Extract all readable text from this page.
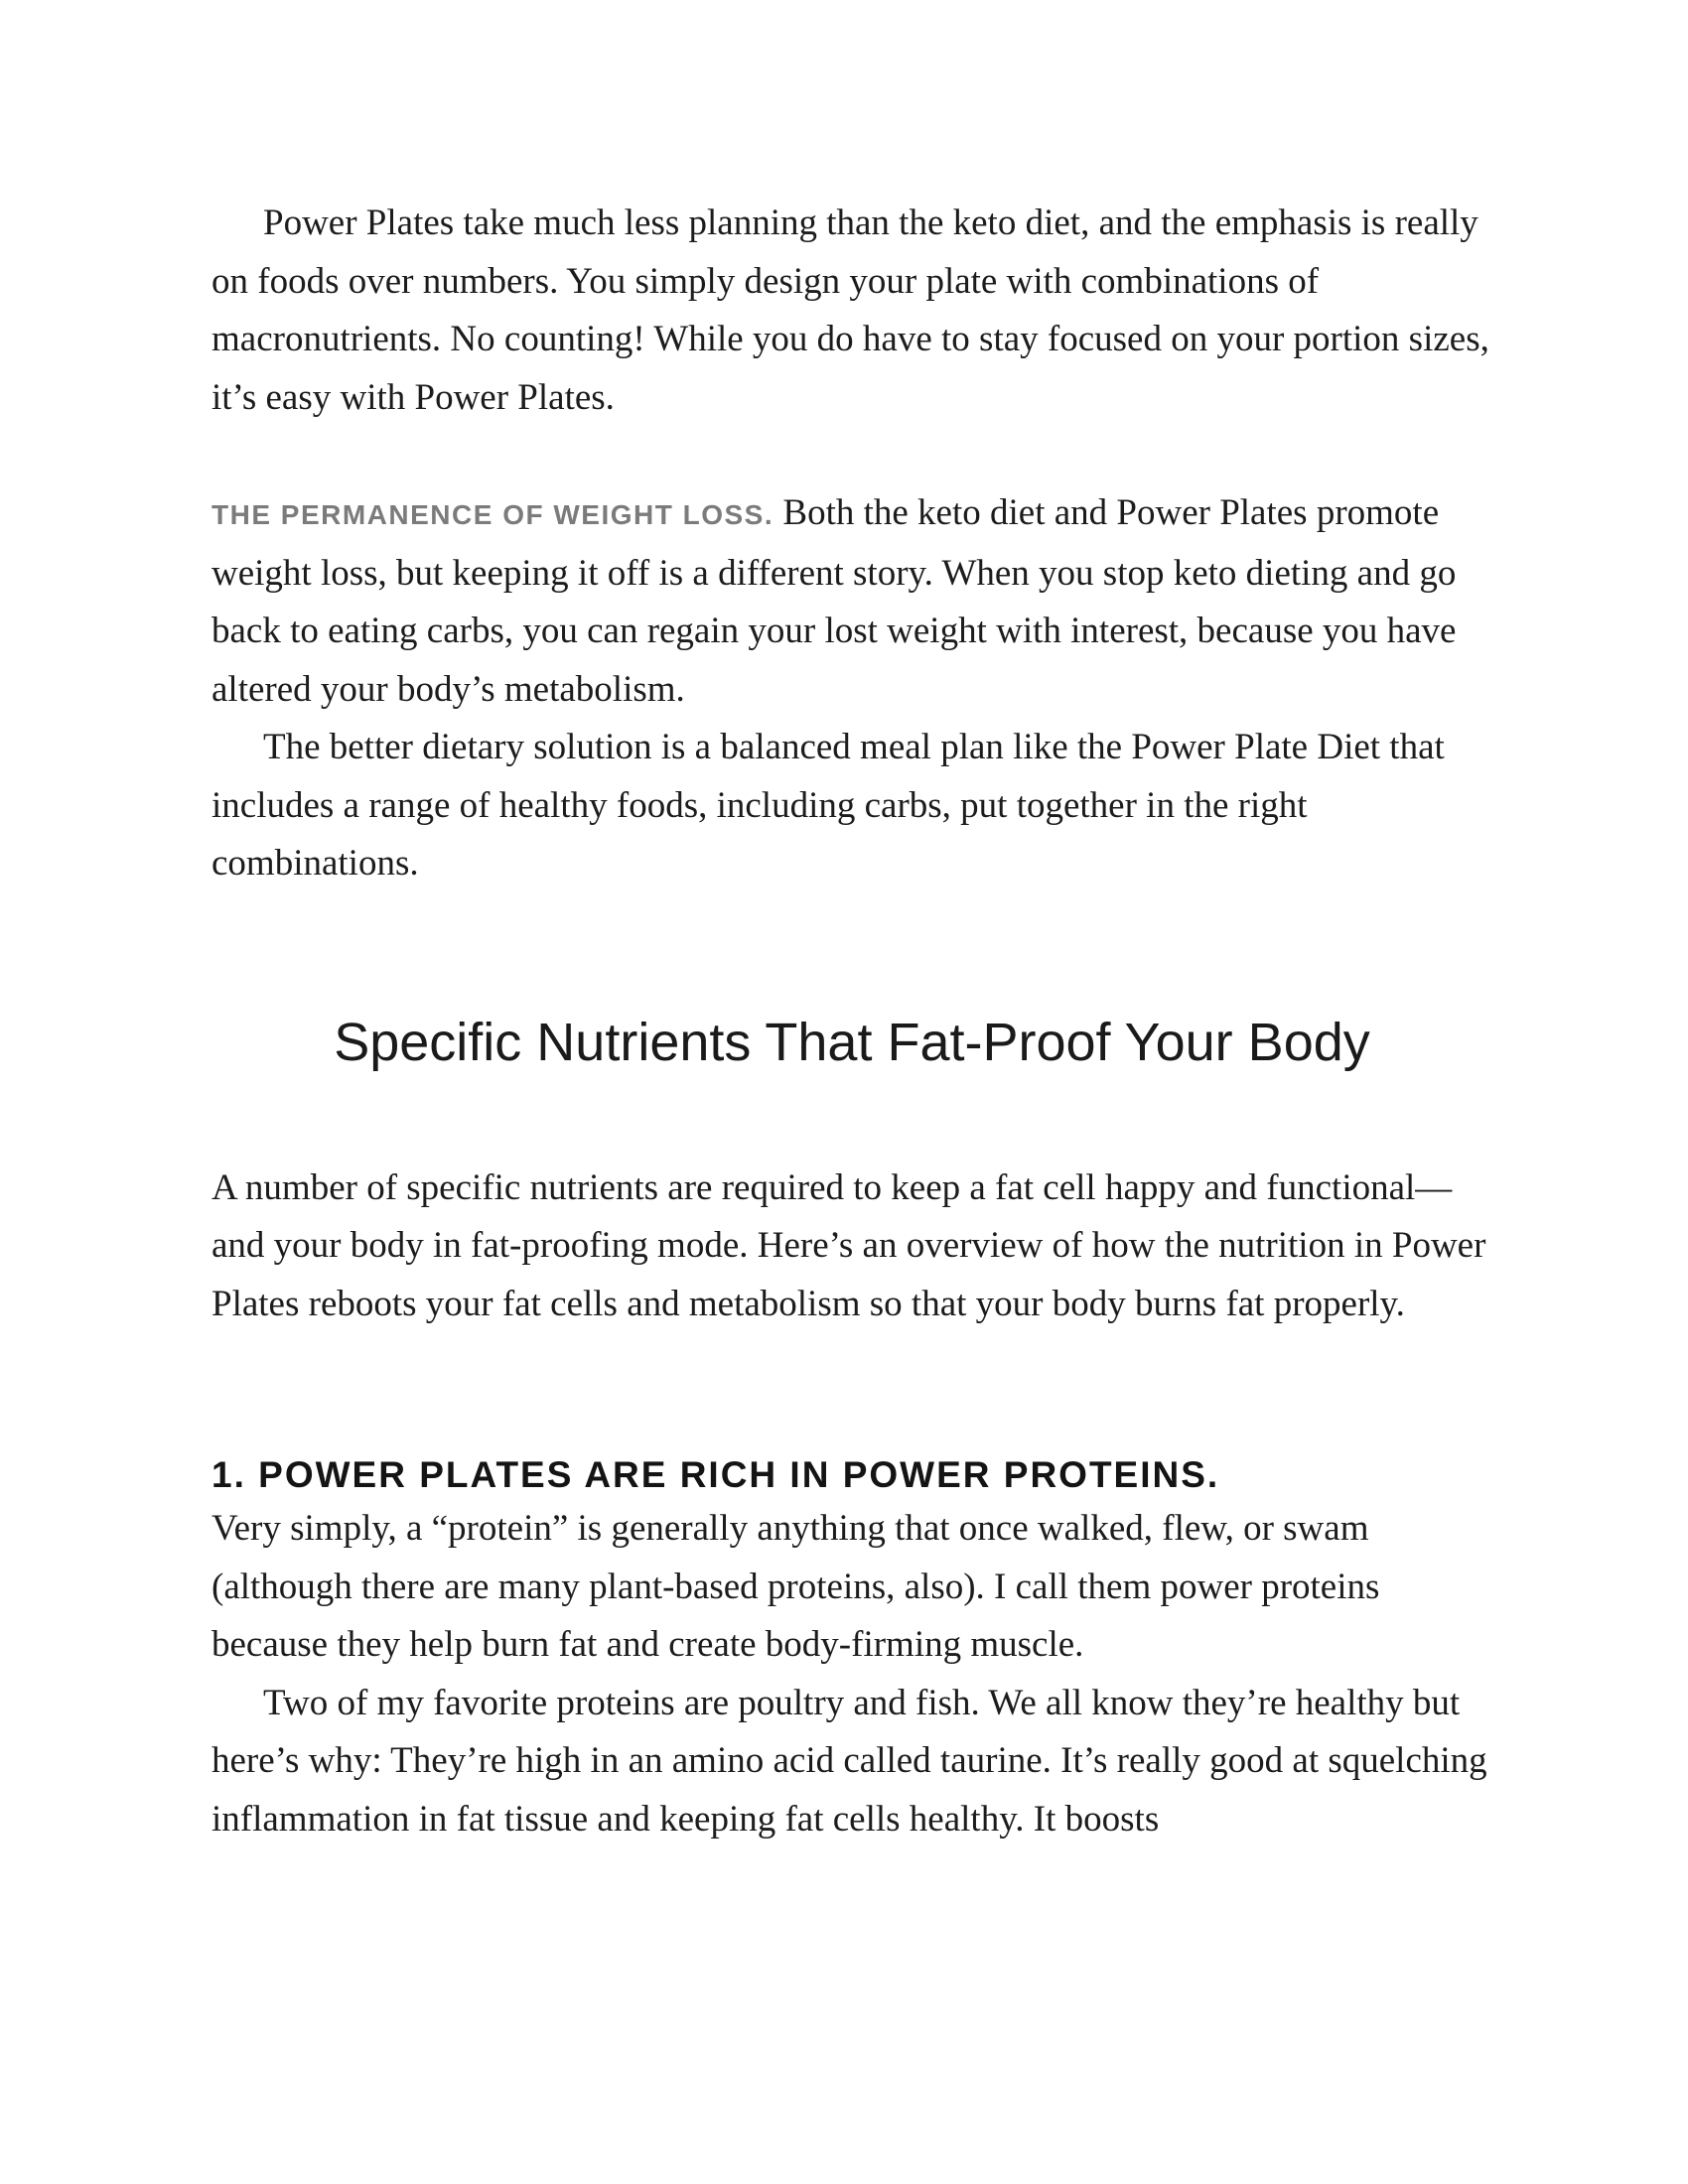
Power Plates take much less planning than the keto diet, and the emphasis is really on foods over numbers. You simply design your plate with combinations of macronutrients. No counting! While you do have to stay focused on your portion sizes, it’s easy with Power Plates.

THE PERMANENCE OF WEIGHT LOSS. Both the keto diet and Power Plates promote weight loss, but keeping it off is a different story. When you stop keto dieting and go back to eating carbs, you can regain your lost weight with interest, because you have altered your body’s metabolism.

The better dietary solution is a balanced meal plan like the Power Plate Diet that includes a range of healthy foods, including carbs, put together in the right combinations.

Specific Nutrients That Fat-Proof Your Body

A number of specific nutrients are required to keep a fat cell happy and functional—and your body in fat-proofing mode. Here’s an overview of how the nutrition in Power Plates reboots your fat cells and metabolism so that your body burns fat properly.

1. POWER PLATES ARE RICH IN POWER PROTEINS.

Very simply, a “protein” is generally anything that once walked, flew, or swam (although there are many plant-based proteins, also). I call them power proteins because they help burn fat and create body-firming muscle.

Two of my favorite proteins are poultry and fish. We all know they’re healthy but here’s why: They’re high in an amino acid called taurine. It’s really good at squelching inflammation in fat tissue and keeping fat cells healthy. It boosts
